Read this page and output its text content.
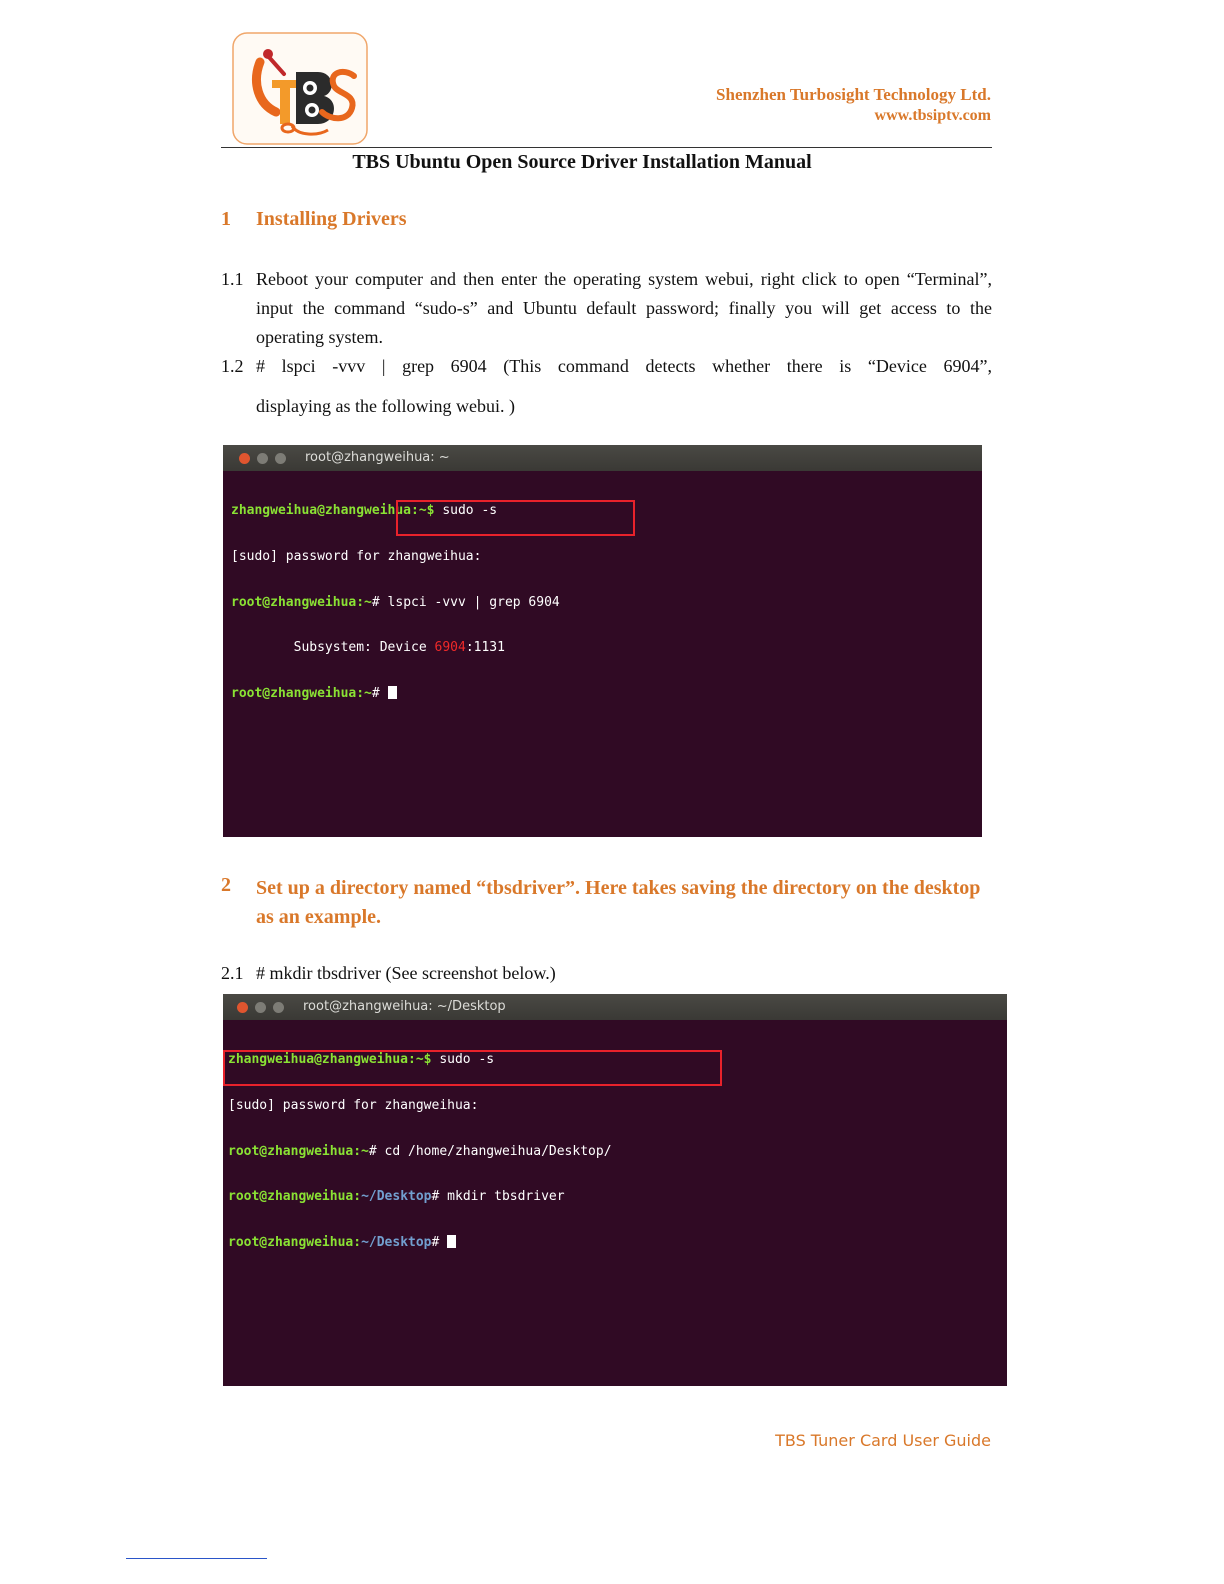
Shenzhen Turbosight Technology Ltd.
www.tbsiptv.com
TBS Ubuntu Open Source Driver Installation Manual
1 Installing Drivers
1.1 Reboot your computer and then enter the operating system webui, right click to open “Terminal”, input the command “sudo-s” and Ubuntu default password; finally you will get access to the operating system.
1.2 # lspci -vvv | grep 6904 (This command detects whether there is “Device 6904”,
displaying as the following webui. )
root@zhangweihua: ~

zhangweihua@zhangweihua:~$ sudo -s

[sudo] password for zhangweihua:

root@zhangweihua:~# lspci -vvv | grep 6904

Subsystem: Device 6904:1131

root@zhangweihua:~#

2 Set up a directory named “tbsdriver”. Here takes saving the directory on the desktop as an example.
2.1 # mkdir tbsdriver (See screenshot below.)
root@zhangweihua: ~/Desktop

zhangweihua@zhangweihua:~$ sudo -s

[sudo] password for zhangweihua:

root@zhangweihua:~# cd /home/zhangweihua/Desktop/

root@zhangweihua:~/Desktop# mkdir tbsdriver

root@zhangweihua:~/Desktop#

TBS Tuner Card User Guide
